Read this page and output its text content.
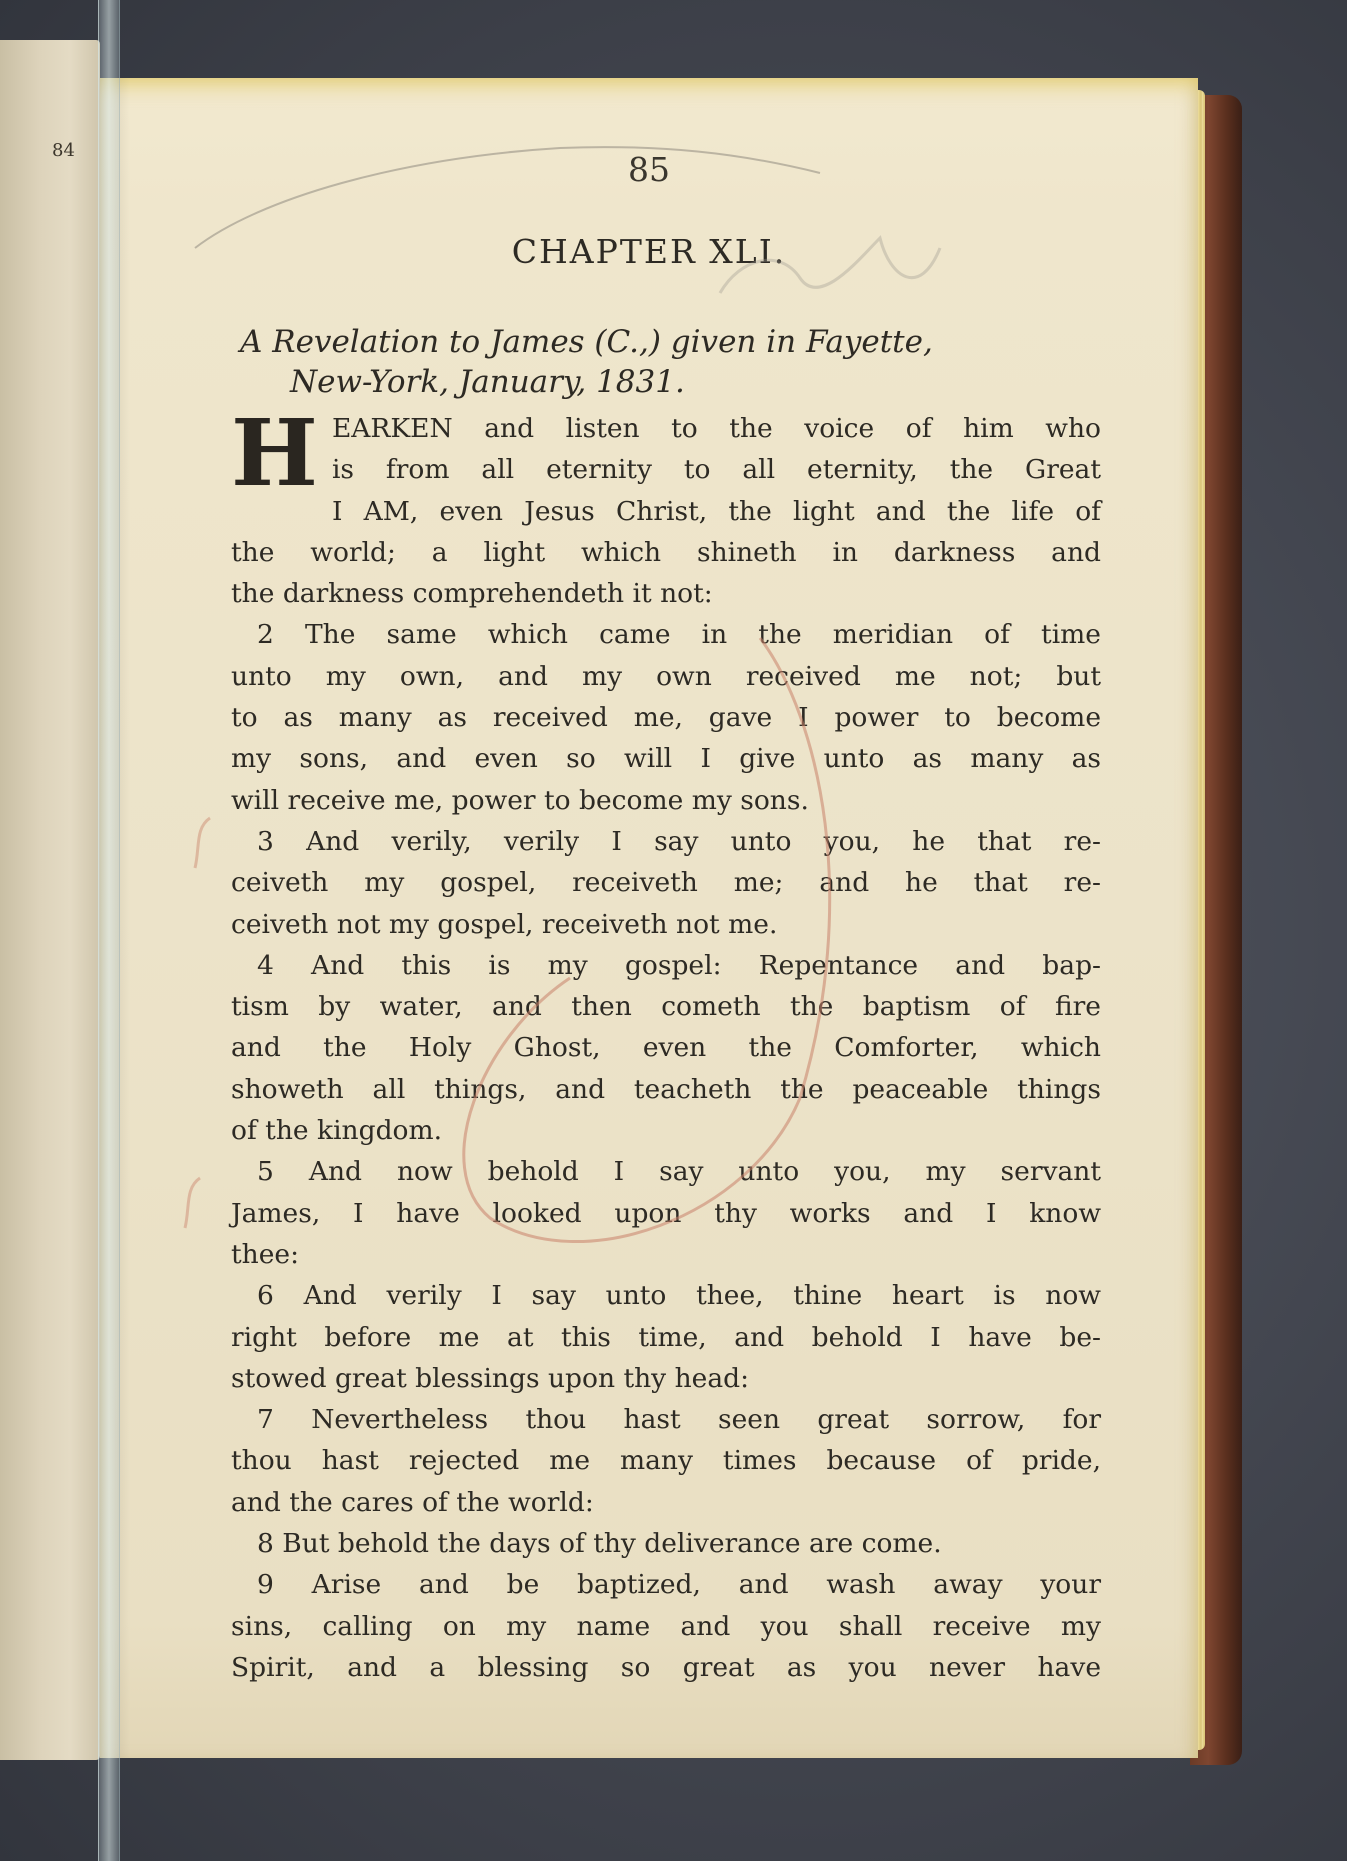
84	85
CHAPTER XLI.
A Revelation to James (C.,) given in Fayette,
New-York, January, 1831.
H EARKEN and listen to the voice of him who
is from all eternity to all eternity, the Great
I AM, even Jesus Christ, the light and the life of
the world; a light which shineth in darkness and
the darkness comprehendeth it not:
2 The same which came in the meridian of time
unto my own, and my own received me not; but
to as many as received me, gave I power to become
my sons, and even so will I give unto as many as
will receive me, power to become my sons.
3 And verily, verily I say unto you, he that re-
ceiveth my gospel, receiveth me; and he that re-
ceiveth not my gospel, receiveth not me.
4 And this is my gospel: Repentance and bap-
tism by water, and then cometh the baptism of fire
and the Holy Ghost, even the Comforter, which
showeth all things, and teacheth the peaceable things
of the kingdom.
5 And now behold I say unto you, my servant
James, I have looked upon thy works and I know
thee:
6 And verily I say unto thee, thine heart is now
right before me at this time, and behold I have be-
stowed great blessings upon thy head:
7 Nevertheless thou hast seen great sorrow, for
thou hast rejected me many times because of pride,
and the cares of the world:
8 But behold the days of thy deliverance are come.
9 Arise and be baptized, and wash away your
sins, calling on my name and you shall receive my
Spirit, and a blessing so great as you never have
